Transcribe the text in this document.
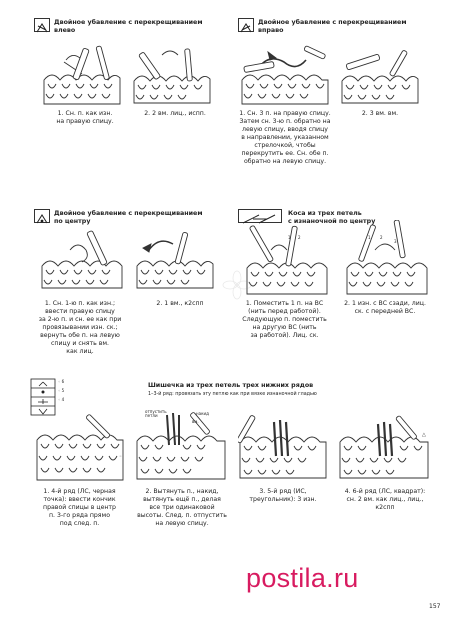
Двойное убавление с перекрещиванием
влево
1. Сн. п. как изн.
на правую спицу.
2. 2 вм. лиц., испп.
Двойное убавление с перекрещиванием
вправо
1. Сн. 3 п. на правую спицу.
Затем сн. 3-ю п. обратно на
левую спицу, вводя спицу
в направлении, указанном
стрелочкой, чтобы
перекрутить ее. Сн. обе п.
обратно на левую спицу.
2. 3 вм. вм.
Двойное убавление с перекрещиванием
по центру
1. Сн. 1-ю п. как изн.;
ввести правую спицу
за 2-ю п. и сн. ее как при
провязывании изн. ск.;
вернуть обе п. на левую
спицу и снять вм.
как лиц.
2. 1 вм., к2спп
Коса из трех петель
с изнаночной по центру
1 2	1 2
3
1. Поместить 1 п. на ВС
(нить перед работой).
Следующую п. поместить
на другую ВС (нить
за работой). Лиц. ск.
2. 1 изн. с ВС сзади, лиц.
ск. с передней ВС.
◦ 6
◦ 5
◦ 4
Шишечка из трех петель трех нижних рядов
1–3-й ряд: провязать эту петлю как при вязке изнаночной гладью
◦
отпустить
петли	накид
вм.
△
1. 4-й ряд (ЛС, черная
точка): ввести кончик
правой спицы в центр
п. 3-го ряда прямо
под след. п.
2. Вытянуть п., накид,
вытянуть ещё п., делая
все три одинаковой
высоты. След. п. отпустить
на левую спицу.
3. 5-й ряд (ИС,
треугольник): 3 изн.
4. 6-й ряд (ЛС, квадрат):
сн. 2 вм. как лиц., лиц.,
к2спп
postila.ru
157
